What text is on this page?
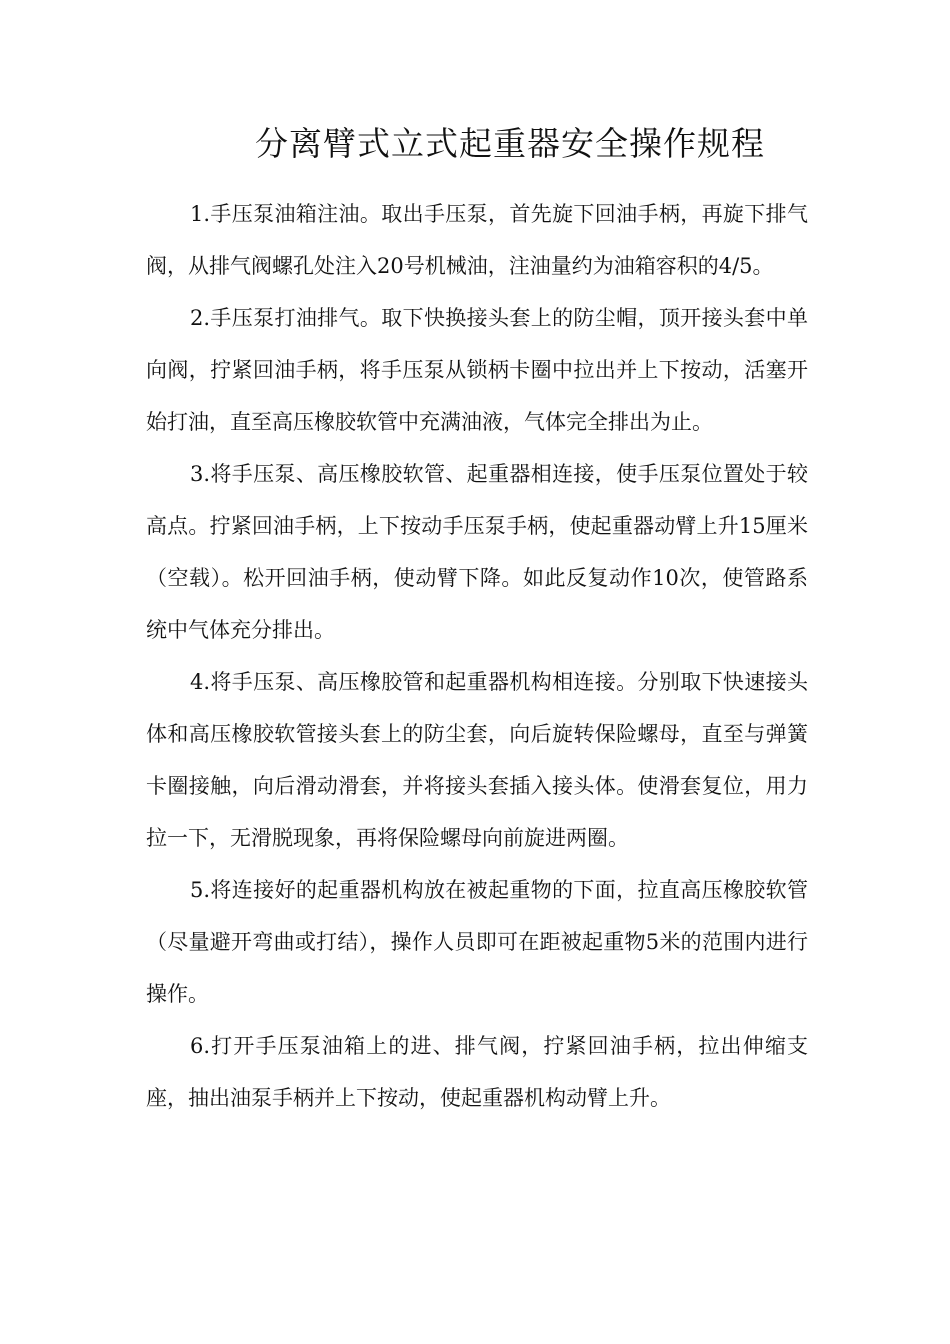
分离臂式立式起重器安全操作规程

1.手压泵油箱注油。取出手压泵，首先旋下回油手柄，再旋下排气阀，从排气阀螺孔处注入20号机械油，注油量约为油箱容积的4/5。

2.手压泵打油排气。取下快换接头套上的防尘帽，顶开接头套中单向阀，拧紧回油手柄，将手压泵从锁柄卡圈中拉出并上下按动，活塞开始打油，直至高压橡胶软管中充满油液，气体完全排出为止。

3.将手压泵、高压橡胶软管、起重器相连接，使手压泵位置处于较高点。拧紧回油手柄，上下按动手压泵手柄，使起重器动臂上升15厘米（空载）。松开回油手柄，使动臂下降。如此反复动作10次，使管路系统中气体充分排出。

4.将手压泵、高压橡胶管和起重器机构相连接。分别取下快速接头体和高压橡胶软管接头套上的防尘套，向后旋转保险螺母，直至与弹簧卡圈接触，向后滑动滑套，并将接头套插入接头体。使滑套复位，用力拉一下，无滑脱现象，再将保险螺母向前旋进两圈。

5.将连接好的起重器机构放在被起重物的下面，拉直高压橡胶软管（尽量避开弯曲或打结），操作人员即可在距被起重物5米的范围内进行操作。

6.打开手压泵油箱上的进、排气阀，拧紧回油手柄，拉出伸缩支座，抽出油泵手柄并上下按动，使起重器机构动臂上升。
